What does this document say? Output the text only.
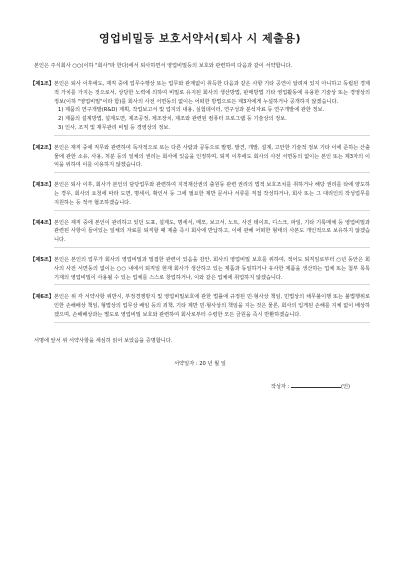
영업비밀등 보호서약서(퇴사 시 제출용)
본인은 주식회사 ○○(이하 "회사"라 한다)에서 퇴사하면서 영업비밀등의 보호와 관련하여 다음과 같이 서약합니다.
【제1조】 본인은 퇴사 이후에도, 재직 중에 업무수행상 또는 업무와 관계없이 취득한 다음과 같은 사항 기타 공연이 알려져 있지 아니하고 독립된 경제적 가치를 가지는 것으로서, 상당한 노력에 의하여 비밀로 유지된 회사의 생산방법, 판매방법 기타 영업활동에 유용한 기술상 또는 경영상의 정보(이하 "영업비밀"이라 함)를 회사의 사전 서면동의 없이는 어떠한 방법으로든 제3자에게 누설하거나 공개하지 않겠습니다.
1) 제품의 연구개발(R&D) 계획, 작업보고서 및 업지의 내용, 실험데이터, 연구성과 분석자료 등 연구개발에 관한 정보.
2) 제품의 설계방법, 설계도면, 제조공정, 제조장치, 제조와 관련된 컴퓨터 프로그램 등 기술상의 정보.
3) 인사, 조직 및 재무관리 비밀 등 경영상의 정보.
【제2조】 본인은 재직 중에 직무와 관련하여 독자적으로 또는 다른 사람과 공동으로 발명, 발견, 개발, 설계, 고안한 기술적 정보 기타 이에 준하는 산출물에 관한 소유, 사용, 처분 등의 일체의 권리는 회사에 있음을 인정하며, 퇴직 이후에도 회사의 사전 서면동의 없이는 본인 또는 제3자의 이익을 위하여 이를 이용하지 않겠습니다.
【제3조】 본인은 퇴사 이후, 회사가 본인의 담당업무와 관련하여 지적재산권의 출원등 관련 권리의 법적 보호조치를 취하거나 해당 권리를 타에 양도하는 경우, 회사의 요청에 따라 도면, 명세서, 확인서 등 그에 필요한 제반 문서나 서류를 직접 작성하거나, 회사 또는 그 대리인의 작성업무를 지원하는 등 적극 협조하겠습니다.
【제4조】 본인은 재직 중에 본인이 관리하고 있던 도표, 설계도, 명세서, 메모, 보고서, 노트, 사진 테이프, 디스크, 파일, 기타 기록매체 등 영업비밀과 관련된 사항이 들어있는 일체의 자료를 퇴직할 때 제출 즉시 회사에 반납하고, 이에 관해 어떠한 형태의 사본도 개인적으로 보유하지 않겠습니다.
【제5조】 본인은 본인의 업무가 회사의 영업비밀과 밀접한 관련이 있음을 감안, 회사의 영업비밀 보호를 위하여, 적어도 퇴직일로부터 ○년 동안은 회사의 사전 서면동의 없이는 ○○ 내에서 퇴직일 현재 회사가 생산하고 있는 제품과 동일하거나 유사한 제품을 생산하는 업체 또는 첨부 목록 기재의 영업비밀이 사용될 수 있는 업체를 스스로 창업하거나, 이와 같은 업체에 취업하지 않겠습니다.
【제6조】 본인은 위 각 서약사항 위반시, 부정경쟁방지 및 영업비밀보호에 관한 법률에 규정된 민·형사상 책임, 민법상의 채무불이행 또는 불법행위로 인한 손해배상 책임, 형법상의 업무상 배임 등의 죄책, 기타 제반 민·형사상의 책임을 지는 것은 물론, 회사의 입게된 손해를 지체 없이 배상하겠으며, 손해배상과는 별도로 영업비밀 보호와 관련하여 회사로부터 수령한 모든 금원을 즉시 반환하겠습니다.
서명에 앞서 위 서약사항을 세심히 읽어 보았음을 증명합니다.
서약일자 : 20 년 월 일
작성자 :	(인)
